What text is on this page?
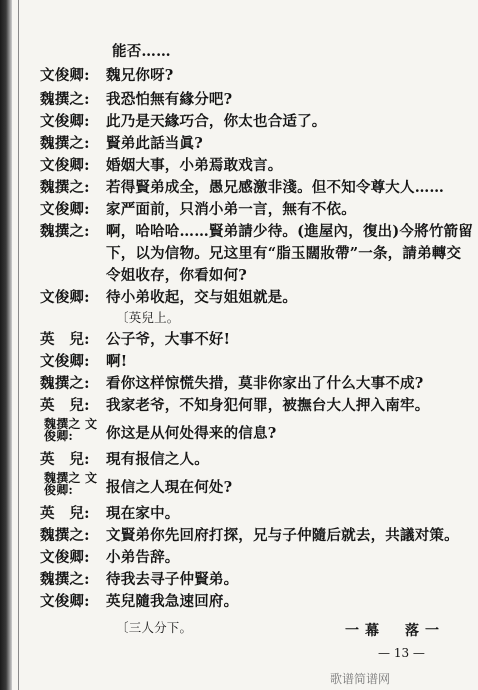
能否……
文俊卿:	魏兄你呀?
魏撰之:	我恐怕無有緣分吧?
文俊卿:	此乃是天緣巧合，你太也合适了。
魏撰之:	賢弟此話当眞?
文俊卿:	婚姻大事，小弟焉敢戏言。
魏撰之:	若得賢弟成全，愚兄感激非淺。但不知令尊大人……
文俊卿:	家严面前，只消小弟一言，無有不依。
魏撰之:	啊，哈哈哈……賢弟請少待。(進屋內，復出)今將竹箭留
下，以为信物。兄这里有“脂玉闊妝帶”一条，請弟轉交
令姐收存，你看如何?
文俊卿:	待小弟收起，交与姐姐就是。
〔英兒上。
英　兒:	公子爷，大事不好!
文俊卿:	啊!
魏撰之:	看你这样惊慌失措，莫非你家出了什么大事不成?
英　兒:	我家老爷，不知身犯何罪，被撫台大人押入南牢。
魏撰之 文俊卿:	你这是从何处得来的信息?
英　兒:	現有报信之人。
魏撰之 文俊卿:	报信之人現在何处?
英　兒:	現在家中。
魏撰之:	文賢弟你先回府打探，兄与子仲隨后就去，共議对策。
文俊卿:	小弟告辞。
魏撰之:	待我去寻子仲賢弟。
文俊卿:	英兒隨我急速回府。
〔三人分下。	一幕　落一
— 13 —
歌谱简谱网
